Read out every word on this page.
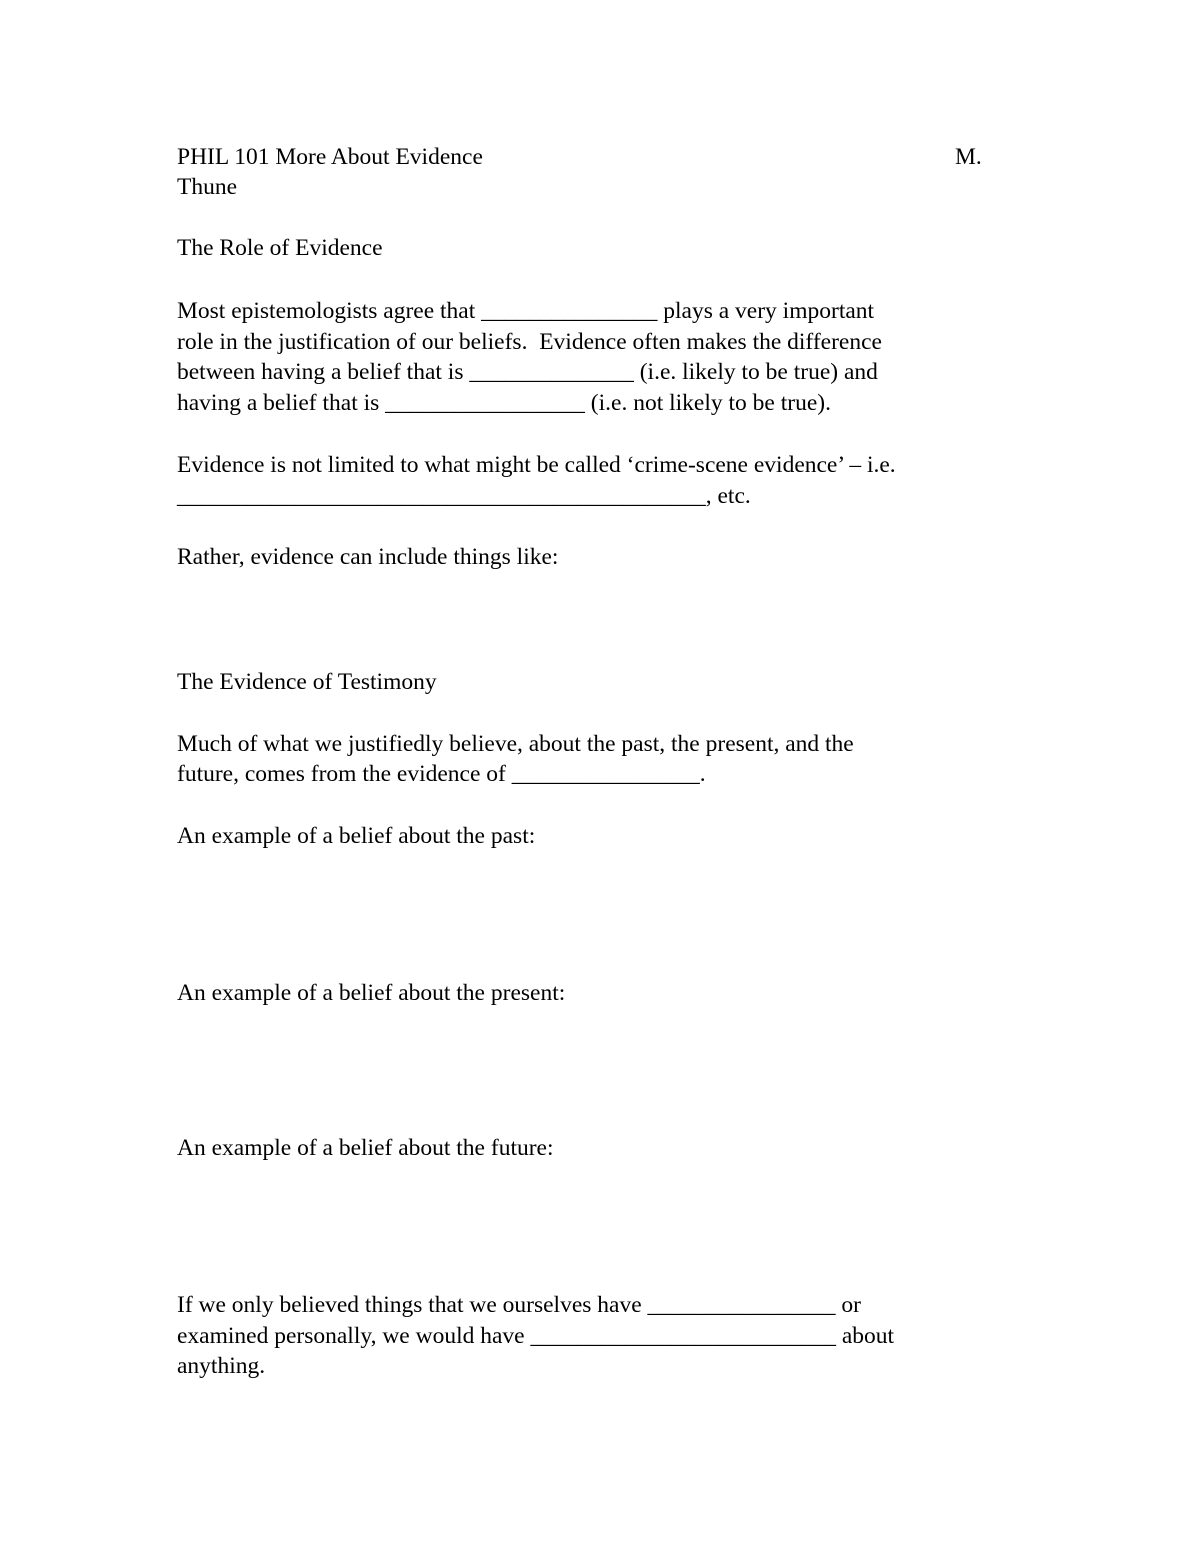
PHIL 101 More About Evidence	M.
Thune
The Role of Evidence
Most epistemologists agree that _______________ plays a very important
role in the justification of our beliefs.  Evidence often makes the difference
between having a belief that is ______________ (i.e. likely to be true) and
having a belief that is _________________ (i.e. not likely to be true).
Evidence is not limited to what might be called ‘crime-scene evidence’ – i.e.
_____________________________________________, etc.
Rather, evidence can include things like:
The Evidence of Testimony
Much of what we justifiedly believe, about the past, the present, and the
future, comes from the evidence of ________________.
An example of a belief about the past:
An example of a belief about the present:
An example of a belief about the future:
If we only believed things that we ourselves have ________________ or
examined personally, we would have __________________________ about
anything.
